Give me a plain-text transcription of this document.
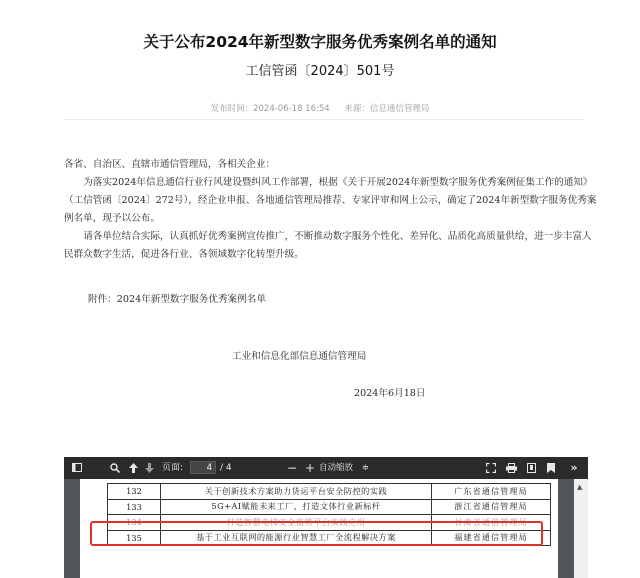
关于公布2024年新型数字服务优秀案例名单的通知
工信管函〔2024〕501号
发布时间：2024-06-18 16:54 来源：信息通信管理局

各省、自治区、直辖市通信管理局，各相关企业：

为落实2024年信息通信行业行风建设暨纠风工作部署，根据《关于开展2024年新型数字服务优秀案例征集工作的通知》（工信管函〔2024〕272号），经企业申报、各地通信管理局推荐、专家评审和网上公示，确定了2024年新型数字服务优秀案例名单，现予以公布。

请各单位结合实际，认真抓好优秀案例宣传推广，不断推动数字服务个性化、差异化、品质化高质量供给，进一步丰富人民群众数字生活，促进各行业、各领域数字化转型升级。

附件：2024年新型数字服务优秀案例名单
工业和信息化部信息通信管理局
2024年6月18日
页面:	4 / 4	− + 自动缩放 ≑	»
132	关于创新技术方案助力货运平台安全防控的实践	广东省通信管理局
133	5G+AI赋能未来工厂，打造文体行业新标杆	浙江省通信管理局
134	打造智慧电梯安全监管平台实践应用	甘肃省通信管理局
135	基于工业互联网的能源行业智慧工厂全流程解决方案	福建省通信管理局
▲
